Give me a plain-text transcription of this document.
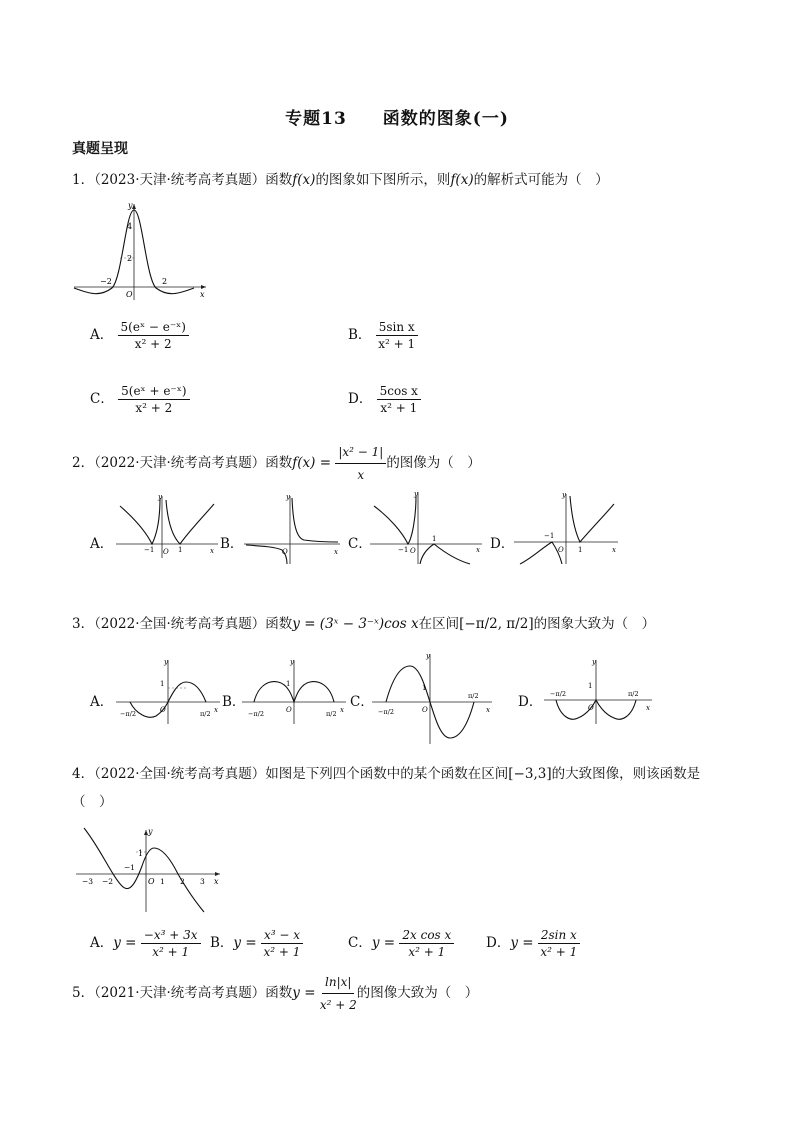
专题13　　函数的图象(一)
真题呈现
1．（2023·天津·统考高考真题）函数f(x)的图象如下图所示，则f(x)的解析式可能为（　）
y
4
2
−2	2
O	x
A． $\frac{\text{5(eˣ − e⁻ˣ)}}{\text{x² + 2}}$	B． $\frac{\text{5sin x}}{\text{x² + 1}}$
C． $\frac{\text{5(eˣ + e⁻ˣ)}}{\text{x² + 2}}$	D． $\frac{\text{5cos x}}{\text{x² + 1}}$
2．（2022·天津·统考高考真题）函数$f(x) = \frac{\text{|x² − 1|}}{x}$ 的图像为（　）
A．
y
−1	1
O	x B．
y
O	x C．
y
−1
1
O	x D．
y
−1
1
O	x
3．（2022·全国·统考高考真题）函数y = (3ˣ − 3⁻ˣ)cos x在区间[−π/2, π/2]的图象大致为（　）
A．
y
1
O
−π/2	π/2 x B．
y
1
O
−π/2	π/2 x C．
y
1
O
−π/2
π/2
x D．
y
1
O
−π/2	π/2
x
4．（2022·全国·统考高考真题）如图是下列四个函数中的某个函数在区间[−3,3]的大致图像，则该函数是
（　）
y
1
O
−3 −2
−1
1 2 3 x
A．$y = \frac{\text{−x³ + 3x}}{\text{x² + 1}}$ B．$y = \frac{\text{x³ − x}}{\text{x² + 1}}$	C．$y = \frac{\text{2x cos x}}{\text{x² + 1}}$ D．$y = \frac{\text{2sin x}}{\text{x² + 1}}$
5．（2021·天津·统考高考真题）函数$y = \frac{\ln|x|}{\text{x² + 2}}$ 的图像大致为（　）
